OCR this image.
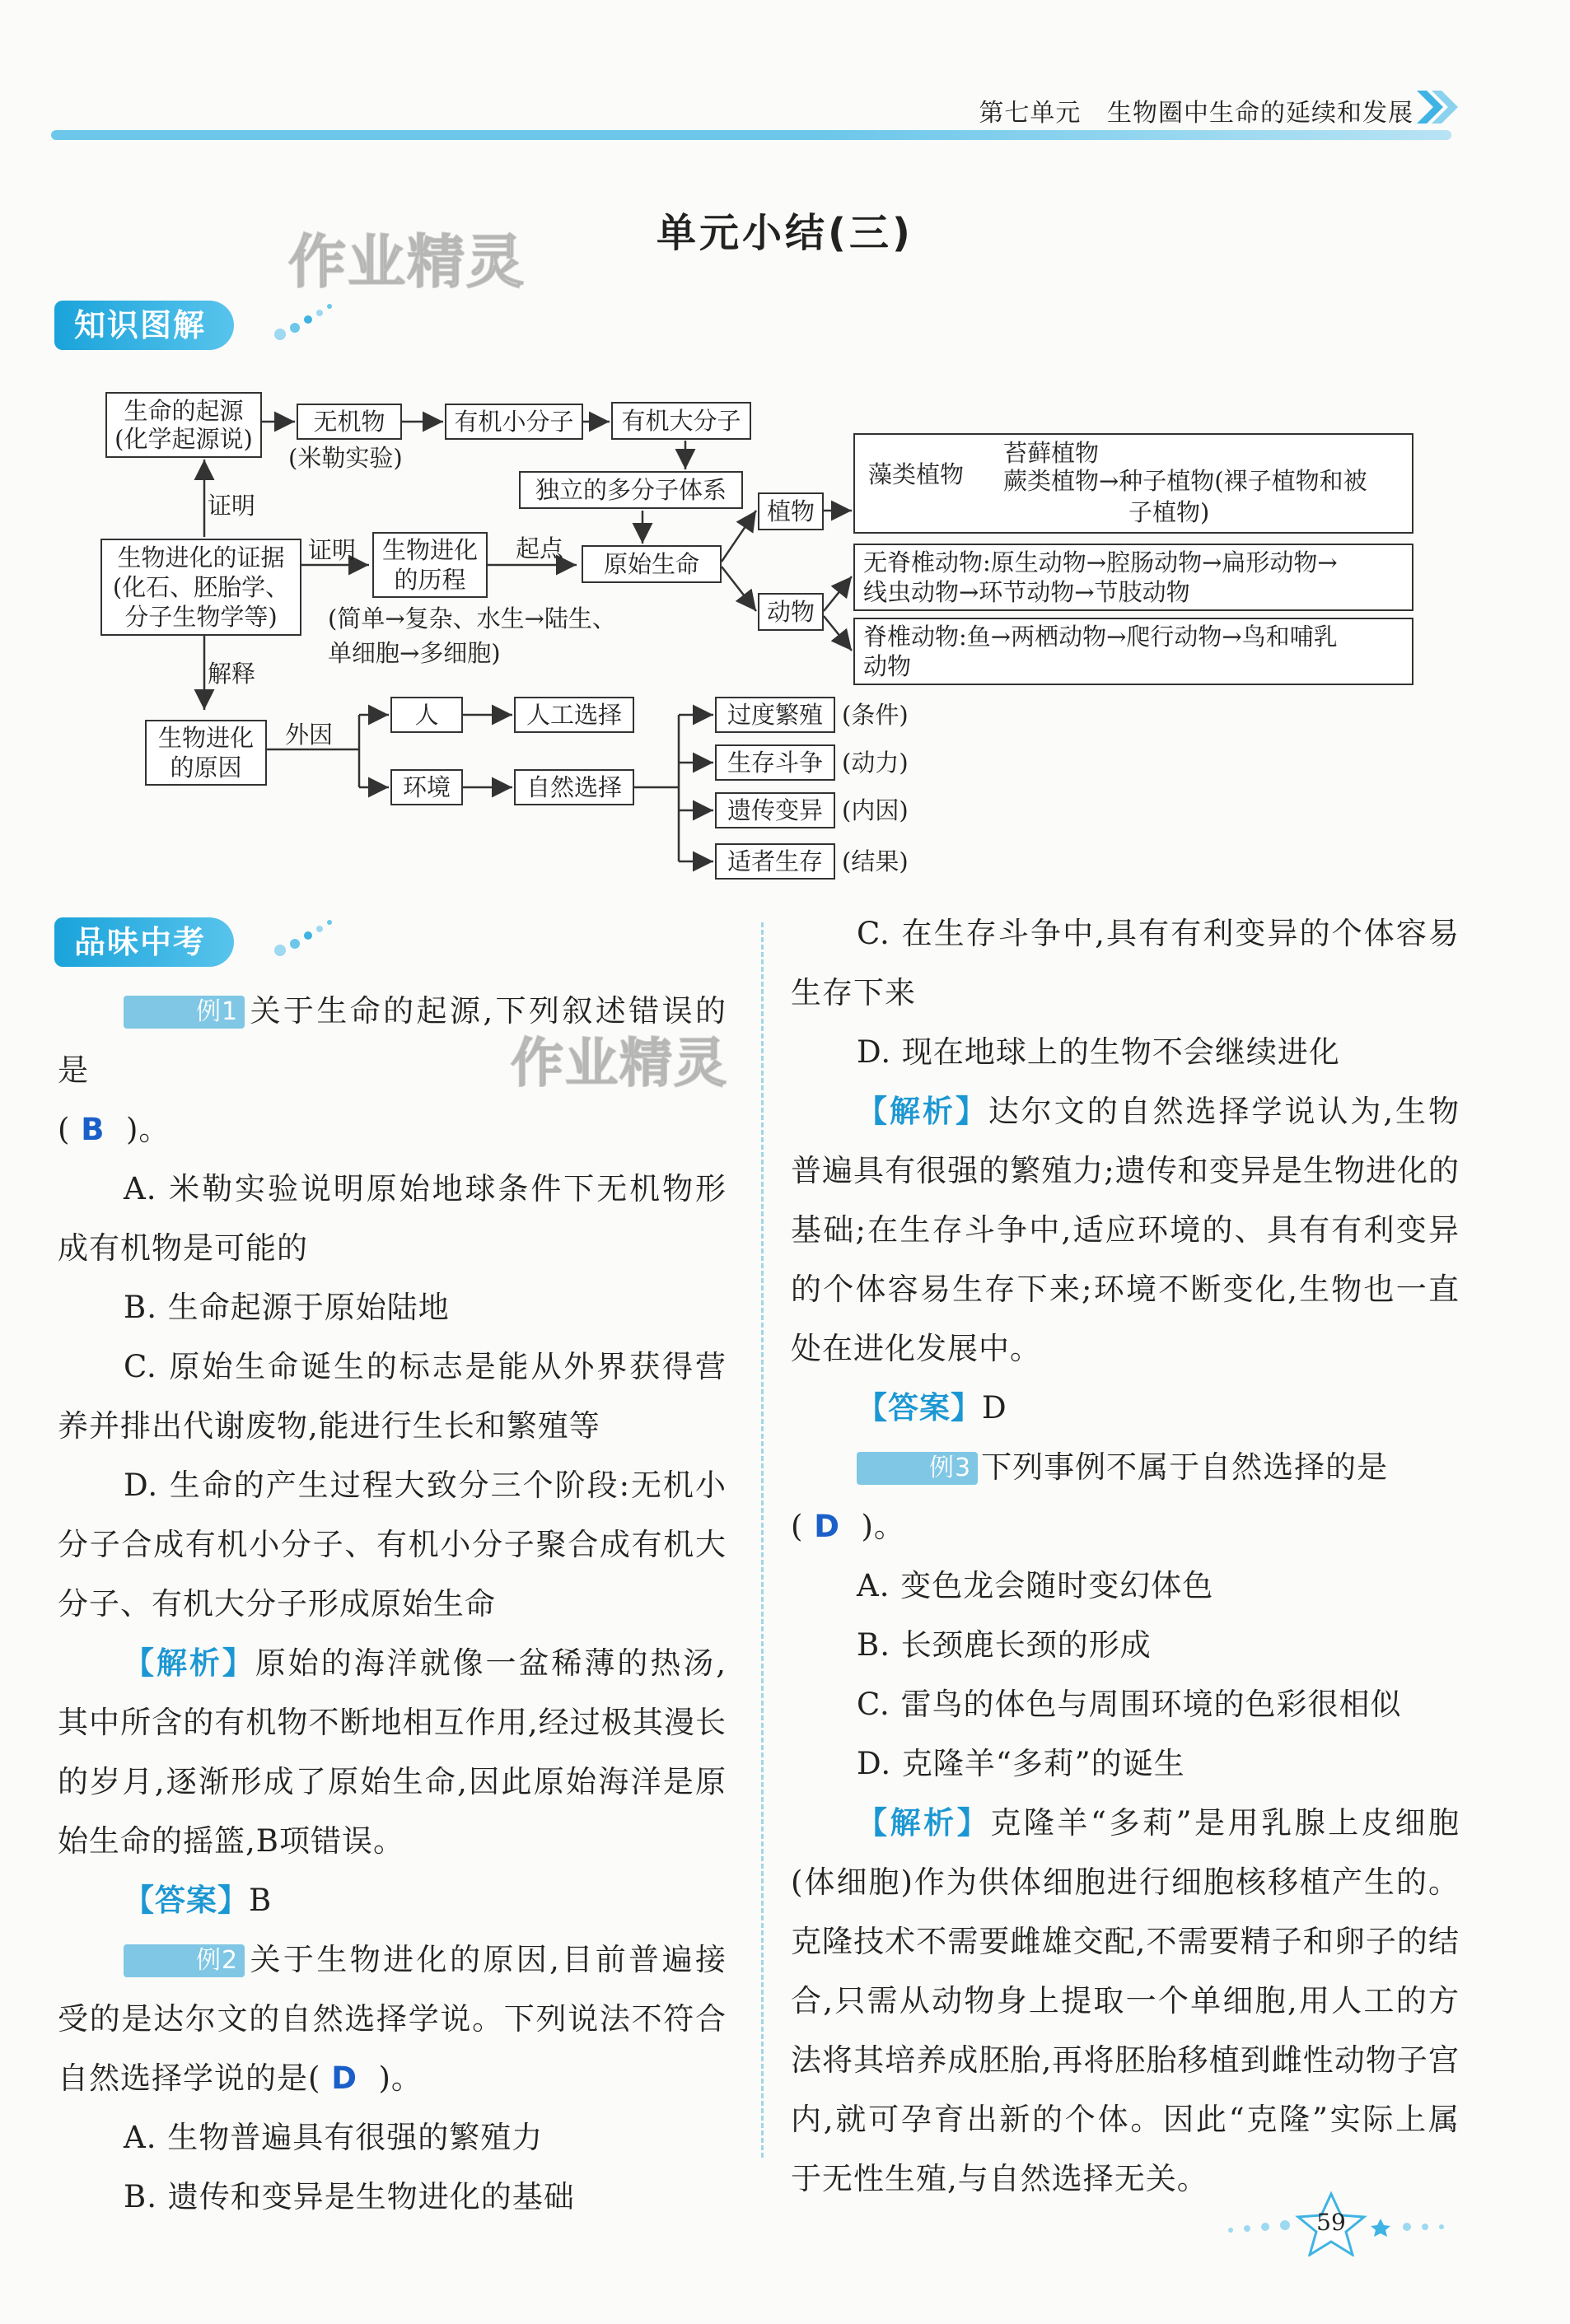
第七单元 生物圈中生命的延续和发展
单元小结(三)
作业精灵
知识图解
生命的起源
(化学起源说)
无机物
(米勒实验)
有机小分子	有机大分子
独立的多分子体系
原始生命
植物
动物
藻类植物
苔藓植物
蕨类植物→种子植物(裸子植物和被
子植物)
无脊椎动物:原生动物→腔肠动物→扁形动物→
线虫动物→环节动物→节肢动物
脊椎动物:鱼→两栖动物→爬行动物→鸟和哺乳
动物
证明
生物进化的证据
(化石、胚胎学、
分子生物学等)
证明	生物进化
的历程
起点
(简单→复杂、水生→陆生、
单细胞→多细胞)
解释
生物进化
的原因
外因
人	人工选择
环境	自然选择
过度繁殖 (条件)
生存斗争 (动力)
遗传变异 (内因)
适者生存 (结果)
品味中考
作业精灵

例1 关于生命的起源,下列叙述错误的是

( B )。

A. 米勒实验说明原始地球条件下无机物形成有机物是可能的

B. 生命起源于原始陆地

C. 原始生命诞生的标志是能从外界获得营养并排出代谢废物,能进行生长和繁殖等

D. 生命的产生过程大致分三个阶段:无机小分子合成有机小分子、有机小分子聚合成有机大分子、有机大分子形成原始生命

【解析】原始的海洋就像一盆稀薄的热汤,其中所含的有机物不断地相互作用,经过极其漫长的岁月,逐渐形成了原始生命,因此原始海洋是原始生命的摇篮,B项错误。

【答案】B

例2 关于生物进化的原因,目前普遍接受的是达尔文的自然选择学说。下列说法不符合自然选择学说的是( D )。

A. 生物普遍具有很强的繁殖力

B. 遗传和变异是生物进化的基础

C. 在生存斗争中,具有有利变异的个体容易生存下来

D. 现在地球上的生物不会继续进化

【解析】达尔文的自然选择学说认为,生物普遍具有很强的繁殖力;遗传和变异是生物进化的基础;在生存斗争中,适应环境的、具有有利变异的个体容易生存下来;环境不断变化,生物也一直处在进化发展中。

【答案】D

例3 下列事例不属于自然选择的是

( D )。

A. 变色龙会随时变幻体色

B. 长颈鹿长颈的形成

C. 雷鸟的体色与周围环境的色彩很相似

D. 克隆羊“多莉”的诞生

【解析】克隆羊“多莉”是用乳腺上皮细胞(体细胞)作为供体细胞进行细胞核移植产生的。克隆技术不需要雌雄交配,不需要精子和卵子的结合,只需从动物身上提取一个单细胞,用人工的方法将其培养成胚胎,再将胚胎移植到雌性动物子宫内,就可孕育出新的个体。因此“克隆”实际上属于无性生殖,与自然选择无关。

59
